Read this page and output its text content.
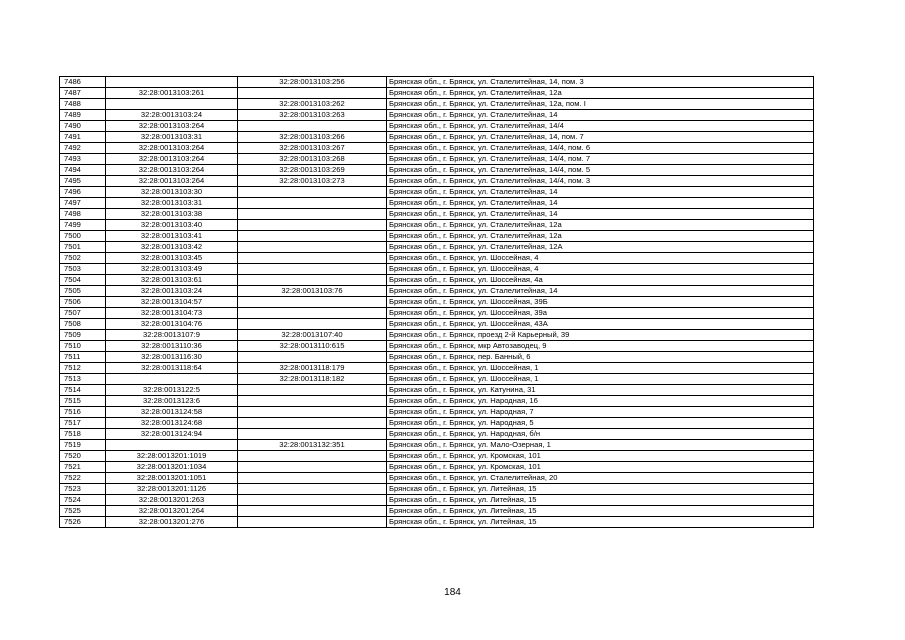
7486		32:28:0013103:256	Брянская обл., г. Брянск, ул. Сталелитейная, 14, пом. 3
7487	32:28:0013103:261		Брянская обл., г. Брянск, ул. Сталелитейная, 12а
7488		32:28:0013103:262	Брянская обл., г. Брянск, ул. Сталелитейная, 12а, пом. I
7489	32:28:0013103:24	32:28:0013103:263	Брянская обл., г. Брянск, ул. Сталелитейная, 14
7490	32:28:0013103:264		Брянская обл., г. Брянск, ул. Сталелитейная, 14/4
7491	32:28:0013103:31	32:28:0013103:266	Брянская обл., г. Брянск, ул. Сталелитейная, 14, пом. 7
7492	32:28:0013103:264	32:28:0013103:267	Брянская обл., г. Брянск, ул. Сталелитейная, 14/4, пом. 6
7493	32:28:0013103:264	32:28:0013103:268	Брянская обл., г. Брянск, ул. Сталелитейная, 14/4, пом. 7
7494	32:28:0013103:264	32:28:0013103:269	Брянская обл., г. Брянск, ул. Сталелитейная, 14/4, пом. 5
7495	32:28:0013103:264	32:28:0013103:273	Брянская обл., г. Брянск, ул. Сталелитейная, 14/4, пом. 3
7496	32:28:0013103:30		Брянская обл., г. Брянск, ул. Сталелитейная, 14
7497	32:28:0013103:31		Брянская обл., г. Брянск, ул. Сталелитейная, 14
7498	32:28:0013103:38		Брянская обл., г. Брянск, ул. Сталелитейная, 14
7499	32:28:0013103:40		Брянская обл., г. Брянск, ул. Сталелитейная, 12а
7500	32:28:0013103:41		Брянская обл., г. Брянск, ул. Сталелитейная, 12а
7501	32:28:0013103:42		Брянская обл., г. Брянск, ул. Сталелитейная, 12А
7502	32:28:0013103:45		Брянская обл., г. Брянск, ул. Шоссейная, 4
7503	32:28:0013103:49		Брянская обл., г. Брянск, ул. Шоссейная, 4
7504	32:28:0013103:61		Брянская обл., г. Брянск, ул. Шоссейная, 4а
7505	32:28:0013103:24	32:28:0013103:76	Брянская обл., г. Брянск, ул. Сталелитейная, 14
7506	32:28:0013104:57		Брянская обл., г. Брянск, ул. Шоссейная, 39Б
7507	32:28:0013104:73		Брянская обл., г. Брянск, ул. Шоссейная, 39а
7508	32:28:0013104:76		Брянская обл., г. Брянск, ул. Шоссейная, 43А
7509	32:28:0013107:9	32:28:0013107:40	Брянская обл., г. Брянск, проезд 2-й Карьерный, 39
7510	32:28:0013110:36	32:28:0013110:615	Брянская обл., г. Брянск, мкр Автозаводец, 9
7511	32:28:0013116:30		Брянская обл., г. Брянск, пер. Банный, 6
7512	32:28:0013118:64	32:28:0013118:179	Брянская обл., г. Брянск, ул. Шоссейная, 1
7513		32:28:0013118:182	Брянская обл., г. Брянск, ул. Шоссейная, 1
7514	32:28:0013122:5		Брянская обл., г. Брянск, ул. Катунина, 31
7515	32:28:0013123:6		Брянская обл., г. Брянск, ул. Народная, 16
7516	32:28:0013124:58		Брянская обл., г. Брянск, ул. Народная, 7
7517	32:28:0013124:68		Брянская обл., г. Брянск, ул. Народная, 5
7518	32:28:0013124:94		Брянская обл., г. Брянск, ул. Народная, б/н
7519		32:28:0013132:351	Брянская обл., г. Брянск, ул. Мало-Озерная, 1
7520	32:28:0013201:1019		Брянская обл., г. Брянск, ул. Кромская, 101
7521	32:28:0013201:1034		Брянская обл., г. Брянск, ул. Кромская, 101
7522	32:28:0013201:1051		Брянская обл., г. Брянск, ул. Сталелитейная, 20
7523	32:28:0013201:1126		Брянская обл., г. Брянск, ул. Литейная, 15
7524	32:28:0013201:263		Брянская обл., г. Брянск, ул. Литейная, 15
7525	32:28:0013201:264		Брянская обл., г. Брянск, ул. Литейная, 15
7526	32:28:0013201:276		Брянская обл., г. Брянск, ул. Литейная, 15
184
